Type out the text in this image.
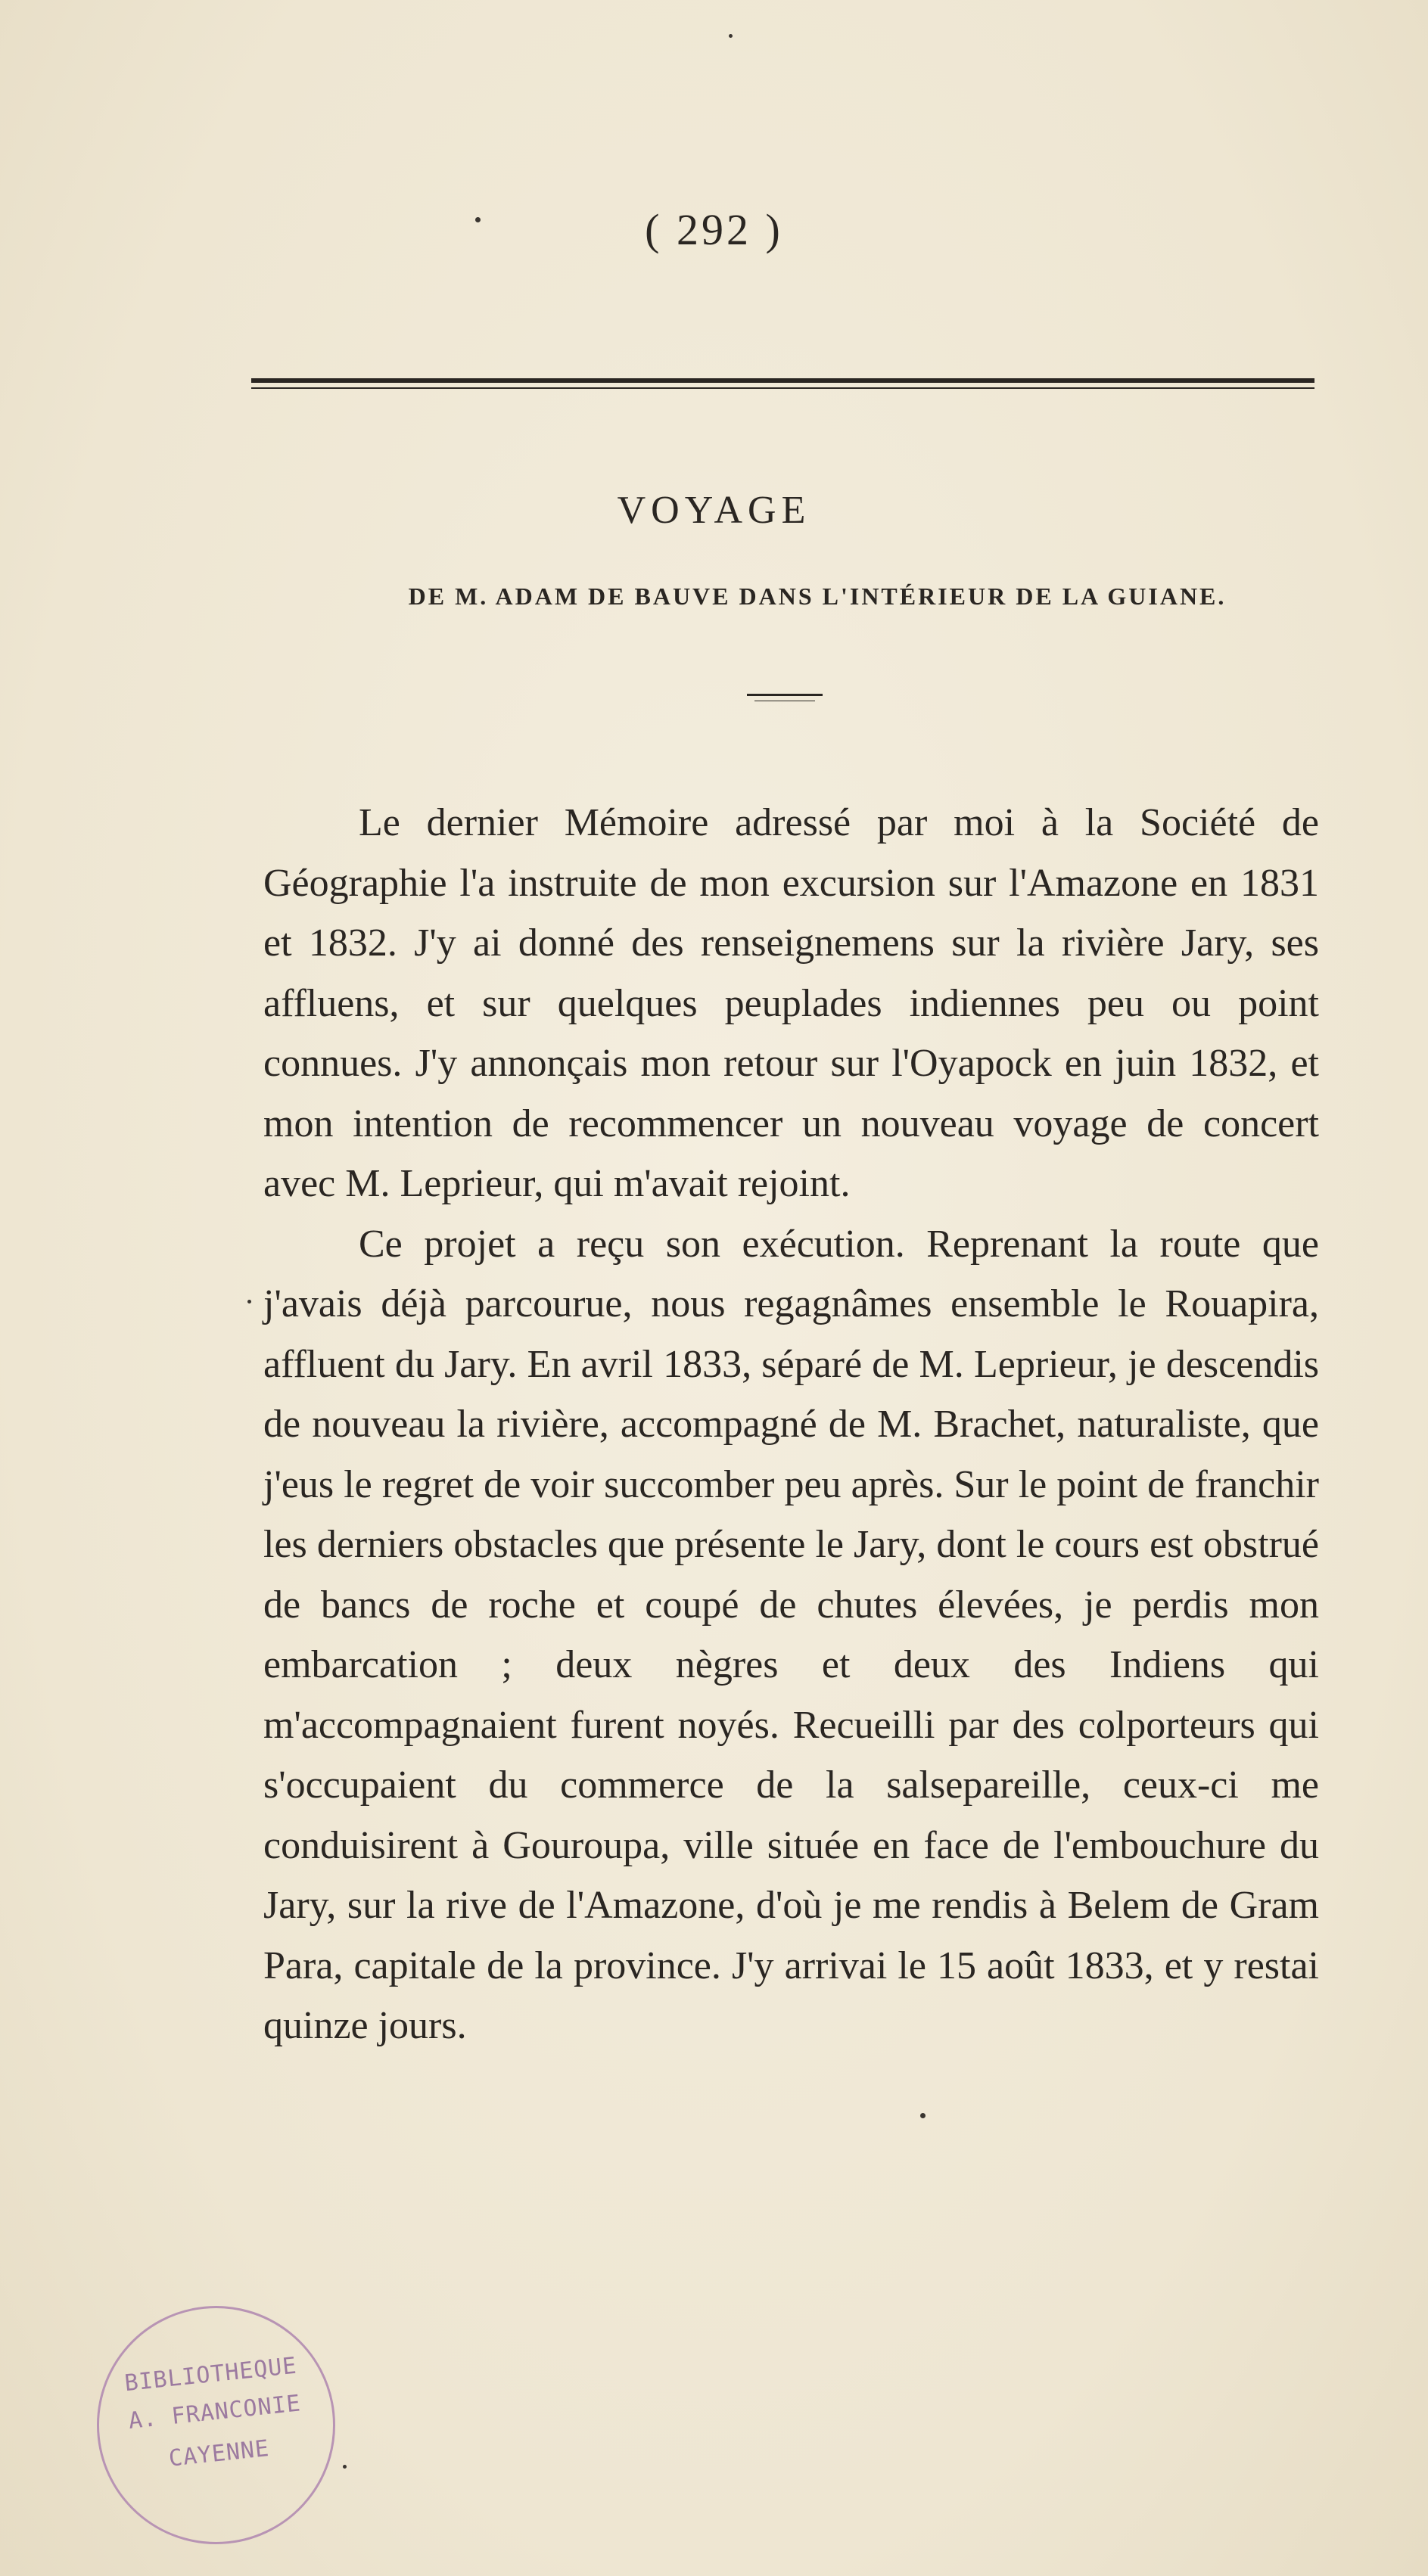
( 292 )
VOYAGE
DE M. ADAM DE BAUVE DANS L'INTÉRIEUR DE LA GUIANE.

Le dernier Mémoire adressé par moi à la Société de Géographie l'a instruite de mon excursion sur l'Amazone en 1831 et 1832. J'y ai donné des renseignemens sur la rivière Jary, ses affluens, et sur quelques peuplades indiennes peu ou point connues. J'y annonçais mon retour sur l'Oyapock en juin 1832, et mon intention de recommencer un nouveau voyage de concert avec M. Leprieur, qui m'avait rejoint.

Ce projet a reçu son exécution. Reprenant la route que j'avais déjà parcourue, nous regagnâmes ensemble le Rouapira, affluent du Jary. En avril 1833, séparé de M. Leprieur, je descendis de nouveau la rivière, accompagné de M. Brachet, naturaliste, que j'eus le regret de voir succomber peu après. Sur le point de franchir les derniers obstacles que présente le Jary, dont le cours est obstrué de bancs de roche et coupé de chutes élevées, je perdis mon embarcation ; deux nègres et deux des Indiens qui m'accompagnaient furent noyés. Recueilli par des colporteurs qui s'occupaient du commerce de la salsepareille, ceux-ci me conduisirent à Gouroupa, ville située en face de l'embouchure du Jary, sur la rive de l'Amazone, d'où je me rendis à Belem de Gram Para, capitale de la province. J'y arrivai le 15 août 1833, et y restai quinze jours.

BIBLIOTHEQUE
A. FRANCONIE
CAYENNE
